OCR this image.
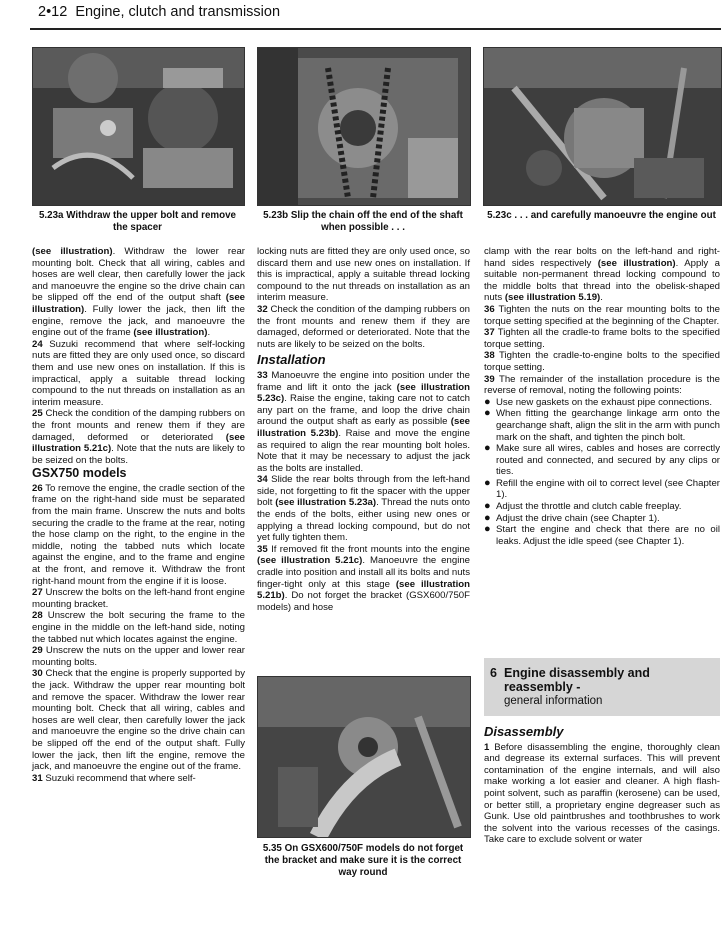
2•12 Engine, clutch and transmission
5.23a Withdraw the upper bolt and remove the spacer
5.23b Slip the chain off the end of the shaft when possible . . .
5.23c . . . and carefully manoeuvre the engine out

(see illustration). Withdraw the lower rear mounting bolt. Check that all wiring, cables and hoses are well clear, then carefully lower the jack and manoeuvre the engine so the drive chain can be slipped off the end of the output shaft (see illustration). Fully lower the jack, then lift the engine, remove the jack, and manoeuvre the engine out of the frame (see illustration).

24 Suzuki recommend that where self-locking nuts are fitted they are only used once, so discard them and use new ones on installation. If this is impractical, apply a suitable thread locking compound to the nut threads on installation as an interim measure.

25 Check the condition of the damping rubbers on the front mounts and renew them if they are damaged, deformed or deteriorated (see illustration 5.21c). Note that the nuts are likely to be seized on the bolts.

GSX750 models

26 To remove the engine, the cradle section of the frame on the right-hand side must be separated from the main frame. Unscrew the nuts and bolts securing the cradle to the frame at the rear, noting the hose clamp on the right, to the engine in the middle, noting the tabbed nuts which locate against the engine, and to the frame and engine at the front, and remove it. Withdraw the front right-hand mount from the engine if it is loose.

27 Unscrew the bolts on the left-hand front engine mounting bracket.

28 Unscrew the bolt securing the frame to the engine in the middle on the left-hand side, noting the tabbed nut which locates against the engine.

29 Unscrew the nuts on the upper and lower rear mounting bolts.

30 Check that the engine is properly supported by the jack. Withdraw the upper rear mounting bolt and remove the spacer. Withdraw the lower rear mounting bolt. Check that all wiring, cables and hoses are well clear, then carefully lower the jack and manoeuvre the engine so the drive chain can be slipped off the end of the output shaft. Fully lower the jack, then lift the engine, remove the jack, and manoeuvre the engine out of the frame.

31 Suzuki recommend that where self-

locking nuts are fitted they are only used once, so discard them and use new ones on installation. If this is impractical, apply a suitable thread locking compound to the nut threads on installation as an interim measure.

32 Check the condition of the damping rubbers on the front mounts and renew them if they are damaged, deformed or deteriorated. Note that the nuts are likely to be seized on the bolts.

Installation

33 Manoeuvre the engine into position under the frame and lift it onto the jack (see illustration 5.23c). Raise the engine, taking care not to catch any part on the frame, and loop the drive chain around the output shaft as early as possible (see illustration 5.23b). Raise and move the engine as required to align the rear mounting bolt holes. Note that it may be necessary to adjust the jack as the bolts are installed.

34 Slide the rear bolts through from the left-hand side, not forgetting to fit the spacer with the upper bolt (see illustration 5.23a). Thread the nuts onto the ends of the bolts, either using new ones or applying a thread locking compound, but do not yet fully tighten them.

35 If removed fit the front mounts into the engine (see illustration 5.21c). Manoeuvre the engine cradle into position and install all its bolts and nuts finger-tight only at this stage (see illustration 5.21b). Do not forget the bracket (GSX600/750F models) and hose

5.35 On GSX600/750F models do not forget the bracket and make sure it is the correct way round

clamp with the rear bolts on the left-hand and right-hand sides respectively (see illustration). Apply a suitable non-permanent thread locking compound to the middle bolts that thread into the obelisk-shaped nuts (see illustration 5.19).

36 Tighten the nuts on the rear mounting bolts to the torque setting specified at the beginning of the Chapter.

37 Tighten all the cradle-to frame bolts to the specified torque setting.

38 Tighten the cradle-to-engine bolts to the specified torque setting.

39 The remainder of the installation procedure is the reverse of removal, noting the following points:

● Use new gaskets on the exhaust pipe connections.

● When fitting the gearchange linkage arm onto the gearchange shaft, align the slit in the arm with punch mark on the shaft, and tighten the pinch bolt.

● Make sure all wires, cables and hoses are correctly routed and connected, and secured by any clips or ties.

● Refill the engine with oil to correct level (see Chapter 1).

● Adjust the throttle and clutch cable freeplay.

● Adjust the drive chain (see Chapter 1).

● Start the engine and check that there are no oil leaks. Adjust the idle speed (see Chapter 1).

6 Engine disassembly and reassembly -
general information
Disassembly

1 Before disassembling the engine, thoroughly clean and degrease its external surfaces. This will prevent contamination of the engine internals, and will also make working a lot easier and cleaner. A high flash-point solvent, such as paraffin (kerosene) can be used, or better still, a proprietary engine degreaser such as Gunk. Use old paintbrushes and toothbrushes to work the solvent into the various recesses of the casings. Take care to exclude solvent or water
